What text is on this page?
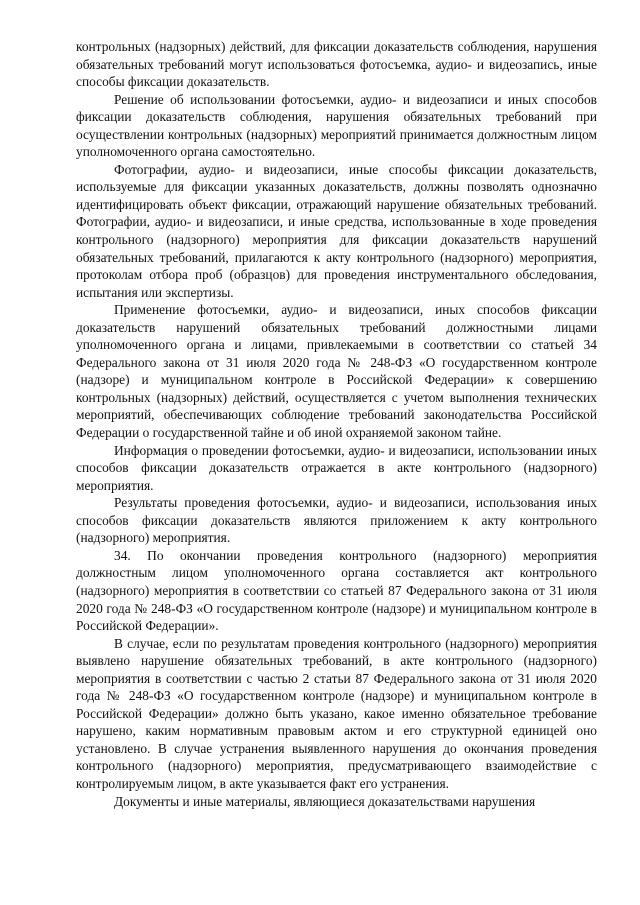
контрольных (надзорных) действий, для фиксации доказательств соблюдения, нарушения обязательных требований могут использоваться фотосъемка, аудио- и видеозапись, иные способы фиксации доказательств.

Решение об использовании фотосъемки, аудио- и видеозаписи и иных способов фиксации доказательств соблюдения, нарушения обязательных требований при осуществлении контрольных (надзорных) мероприятий принимается должностным лицом уполномоченного органа самостоятельно.

Фотографии, аудио- и видеозаписи, иные способы фиксации доказательств, используемые для фиксации указанных доказательств, должны позволять однозначно идентифицировать объект фиксации, отражающий нарушение обязательных требований. Фотографии, аудио- и видеозаписи, и иные средства, использованные в ходе проведения контрольного (надзорного) мероприятия для фиксации доказательств нарушений обязательных требований, прилагаются к акту контрольного (надзорного) мероприятия, протоколам отбора проб (образцов) для проведения инструментального обследования, испытания или экспертизы.

Применение фотосъемки, аудио- и видеозаписи, иных способов фиксации доказательств нарушений обязательных требований должностными лицами уполномоченного органа и лицами, привлекаемыми в соответствии со статьей 34 Федерального закона от 31 июля 2020 года № 248-ФЗ «О государственном контроле (надзоре) и муниципальном контроле в Российской Федерации» к совершению контрольных (надзорных) действий, осуществляется с учетом выполнения технических мероприятий, обеспечивающих соблюдение требований законодательства Российской Федерации о государственной тайне и об иной охраняемой законом тайне.

Информация о проведении фотосъемки, аудио- и видеозаписи, использовании иных способов фиксации доказательств отражается в акте контрольного (надзорного) мероприятия.

Результаты проведения фотосъемки, аудио- и видеозаписи, использования иных способов фиксации доказательств являются приложением к акту контрольного (надзорного) мероприятия.

34. По окончании проведения контрольного (надзорного) мероприятия должностным лицом уполномоченного органа составляется акт контрольного (надзорного) мероприятия в соответствии со статьей 87 Федерального закона от 31 июля 2020 года № 248-ФЗ «О государственном контроле (надзоре) и муниципальном контроле в Российской Федерации».

В случае, если по результатам проведения контрольного (надзорного) мероприятия выявлено нарушение обязательных требований, в акте контрольного (надзорного) мероприятия в соответствии с частью 2 статьи 87 Федерального закона от 31 июля 2020 года № 248-ФЗ «О государственном контроле (надзоре) и муниципальном контроле в Российской Федерации» должно быть указано, какое именно обязательное требование нарушено, каким нормативным правовым актом и его структурной единицей оно установлено. В случае устранения выявленного нарушения до окончания проведения контрольного (надзорного) мероприятия, предусматривающего взаимодействие с контролируемым лицом, в акте указывается факт его устранения.

Документы и иные материалы, являющиеся доказательствами нарушения
